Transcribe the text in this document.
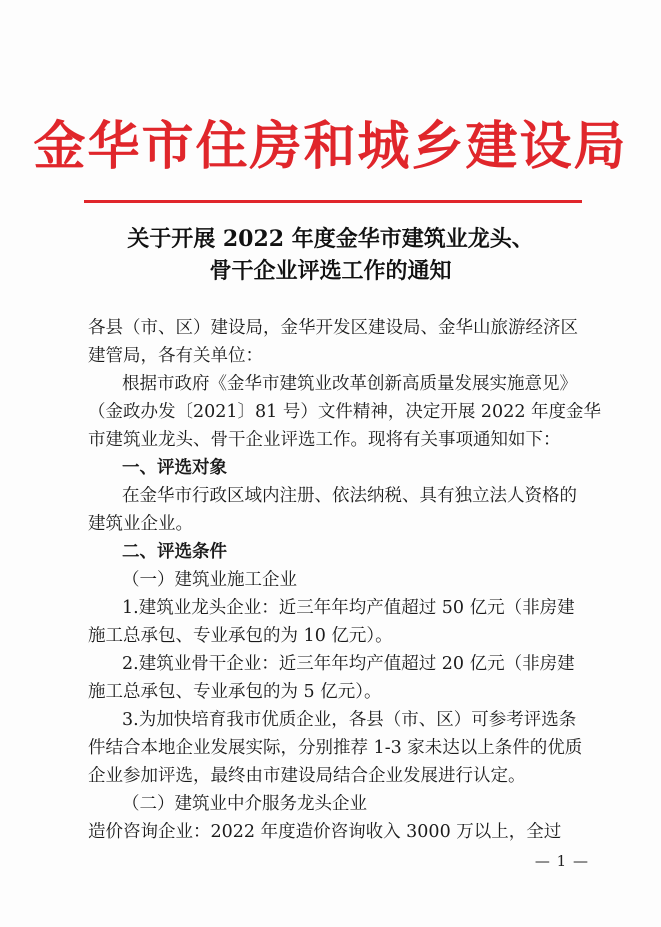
金华市住房和城乡建设局
关于开展 2022 年度金华市建筑业龙头、
骨干企业评选工作的通知
各县（市、区）建设局，金华开发区建设局、金华山旅游经济区
建管局，各有关单位：
根据市政府《金华市建筑业改革创新高质量发展实施意见》
（金政办发〔2021〕81 号）文件精神，决定开展 2022 年度金华
市建筑业龙头、骨干企业评选工作。现将有关事项通知如下：
一、评选对象
在金华市行政区域内注册、依法纳税、具有独立法人资格的
建筑业企业。
二、评选条件
（一）建筑业施工企业
1.建筑业龙头企业：近三年年均产值超过 50 亿元（非房建
施工总承包、专业承包的为 10 亿元）。
2.建筑业骨干企业：近三年年均产值超过 20 亿元（非房建
施工总承包、专业承包的为 5 亿元）。
3.为加快培育我市优质企业，各县（市、区）可参考评选条
件结合本地企业发展实际，分别推荐 1-3 家未达以上条件的优质
企业参加评选，最终由市建设局结合企业发展进行认定。
（二）建筑业中介服务龙头企业
造价咨询企业：2022 年度造价咨询收入 3000 万以上，全过
— 1 —
